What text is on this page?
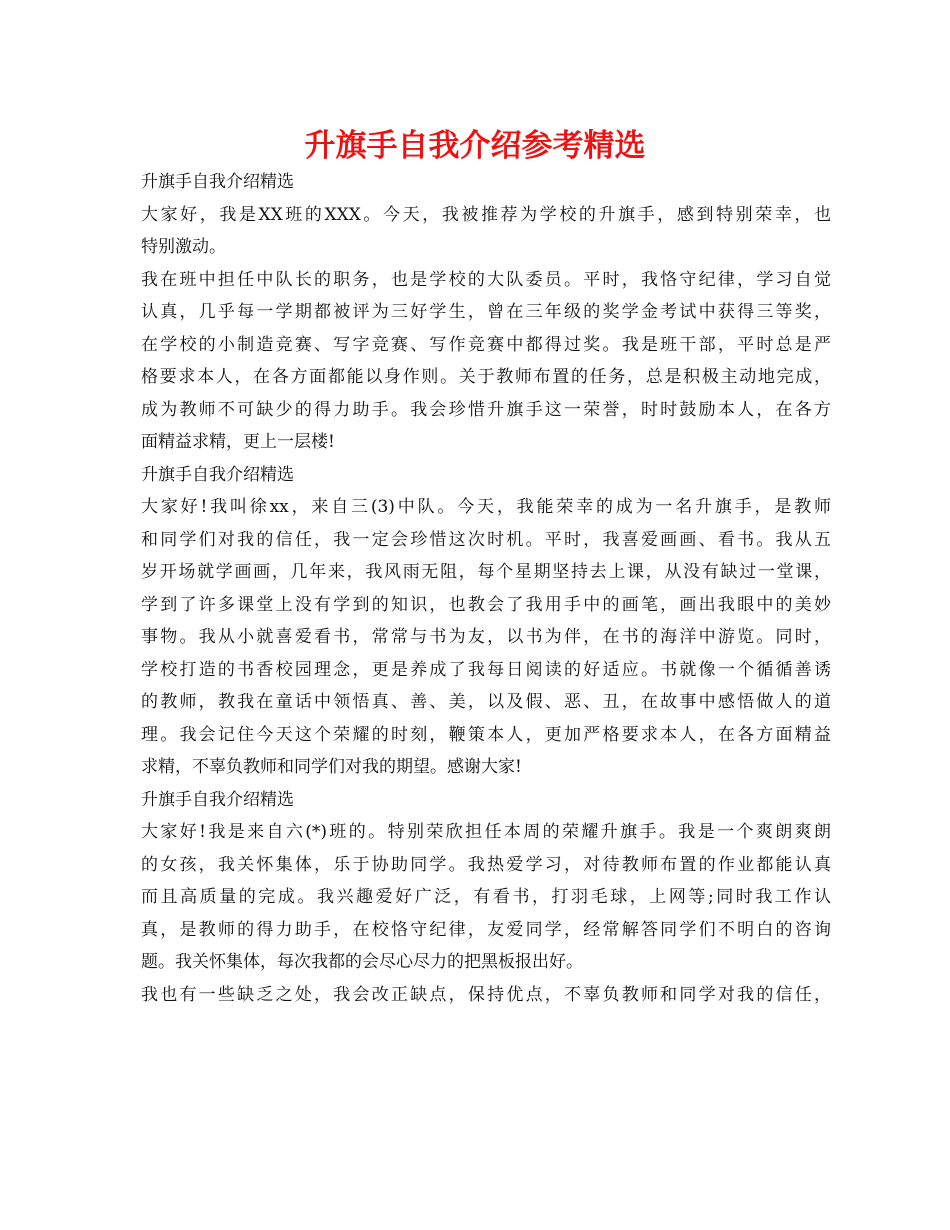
升旗手自我介绍参考精选
升旗手自我介绍精选
大家好，我是XX班的XXX。今天，我被推荐为学校的升旗手，感到特别荣幸，也
特别激动。
我在班中担任中队长的职务，也是学校的大队委员。平时，我恪守纪律，学习自觉
认真，几乎每一学期都被评为三好学生，曾在三年级的奖学金考试中获得三等奖，
在学校的小制造竞赛、写字竞赛、写作竞赛中都得过奖。我是班干部，平时总是严
格要求本人，在各方面都能以身作则。关于教师布置的任务，总是积极主动地完成，
成为教师不可缺少的得力助手。我会珍惜升旗手这一荣誉，时时鼓励本人，在各方
面精益求精，更上一层楼!
升旗手自我介绍精选
大家好!我叫徐xx，来自三(3)中队。今天，我能荣幸的成为一名升旗手，是教师
和同学们对我的信任，我一定会珍惜这次时机。平时，我喜爱画画、看书。我从五
岁开场就学画画，几年来，我风雨无阻，每个星期坚持去上课，从没有缺过一堂课，
学到了许多课堂上没有学到的知识，也教会了我用手中的画笔，画出我眼中的美妙
事物。我从小就喜爱看书，常常与书为友，以书为伴，在书的海洋中游览。同时，
学校打造的书香校园理念，更是养成了我每日阅读的好适应。书就像一个循循善诱
的教师，教我在童话中领悟真、善、美，以及假、恶、丑，在故事中感悟做人的道
理。我会记住今天这个荣耀的时刻，鞭策本人，更加严格要求本人，在各方面精益
求精，不辜负教师和同学们对我的期望。感谢大家!
升旗手自我介绍精选
大家好!我是来自六(*)班的。特别荣欣担任本周的荣耀升旗手。我是一个爽朗爽朗
的女孩，我关怀集体，乐于协助同学。我热爱学习，对待教师布置的作业都能认真
而且高质量的完成。我兴趣爱好广泛，有看书，打羽毛球，上网等;同时我工作认
真，是教师的得力助手，在校恪守纪律，友爱同学，经常解答同学们不明白的咨询
题。我关怀集体，每次我都的会尽心尽力的把黑板报出好。
我也有一些缺乏之处，我会改正缺点，保持优点，不辜负教师和同学对我的信任，
